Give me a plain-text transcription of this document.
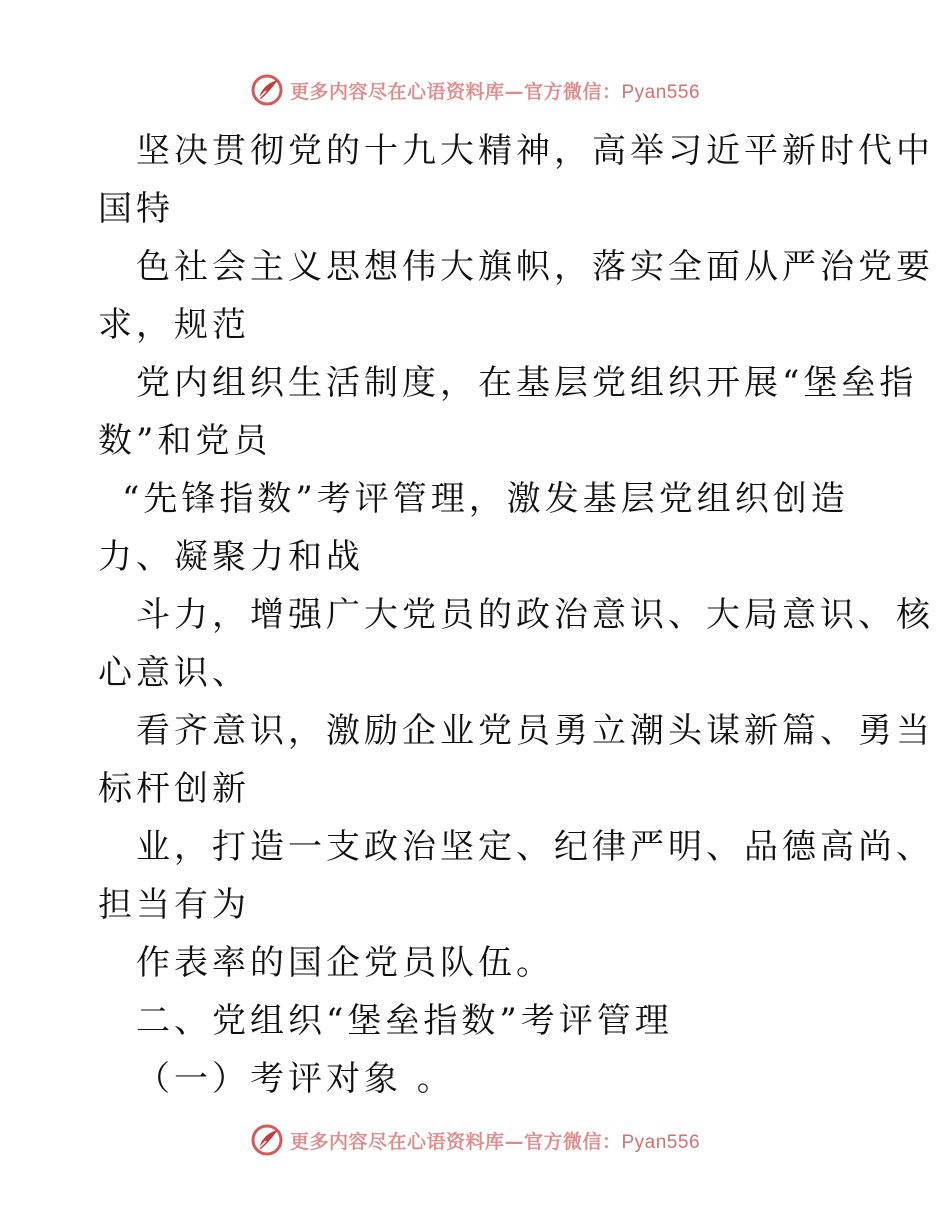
更多内容尽在心语资料库—官方微信：Pyan556
坚决贯彻党的十九大精神，高举习近平新时代中
国特
色社会主义思想伟大旗帜，落实全面从严治党要
求，规范
党内组织生活制度，在基层党组织开展“堡垒指
数”和党员
“先锋指数”考评管理，激发基层党组织创造
力、凝聚力和战
斗力，增强广大党员的政治意识、大局意识、核
心意识、
看齐意识，激励企业党员勇立潮头谋新篇、勇当
标杆创新
业，打造一支政治坚定、纪律严明、品德高尚、
担当有为
作表率的国企党员队伍。
二、党组织“堡垒指数”考评管理
（一）考评对象 。
更多内容尽在心语资料库—官方微信：Pyan556
